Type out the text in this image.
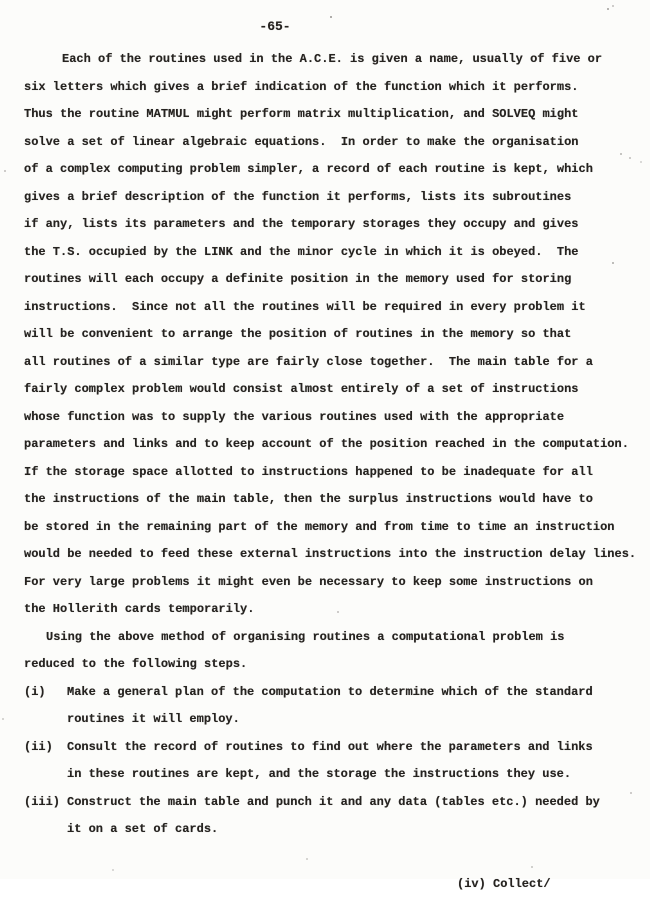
-65-
Each of the routines used in the A.C.E. is given a name, usually of five or
six letters which gives a brief indication of the function which it performs.
Thus the routine MATMUL might perform matrix multiplication, and SOLVEQ might
solve a set of linear algebraic equations.  In order to make the organisation
of a complex computing problem simpler, a record of each routine is kept, which
gives a brief description of the function it performs, lists its subroutines
if any, lists its parameters and the temporary storages they occupy and gives
the T.S. occupied by the LINK and the minor cycle in which it is obeyed.  The
routines will each occupy a definite position in the memory used for storing
instructions.  Since not all the routines will be required in every problem it
will be convenient to arrange the position of routines in the memory so that
all routines of a similar type are fairly close together.  The main table for a
fairly complex problem would consist almost entirely of a set of instructions
whose function was to supply the various routines used with the appropriate
parameters and links and to keep account of the position reached in the computation.
If the storage space allotted to instructions happened to be inadequate for all
the instructions of the main table, then the surplus instructions would have to
be stored in the remaining part of the memory and from time to time an instruction
would be needed to feed these external instructions into the instruction delay lines.
For very large problems it might even be necessary to keep some instructions on
the Hollerith cards temporarily.
Using the above method of organising routines a computational problem is
reduced to the following steps.
(i) Make a general plan of the computation to determine which of the standard
routines it will employ.
(ii) Consult the record of routines to find out where the parameters and links
in these routines are kept, and the storage the instructions they use.
(iii) Construct the main table and punch it and any data (tables etc.) needed by
it on a set of cards.
(iv) Collect/
